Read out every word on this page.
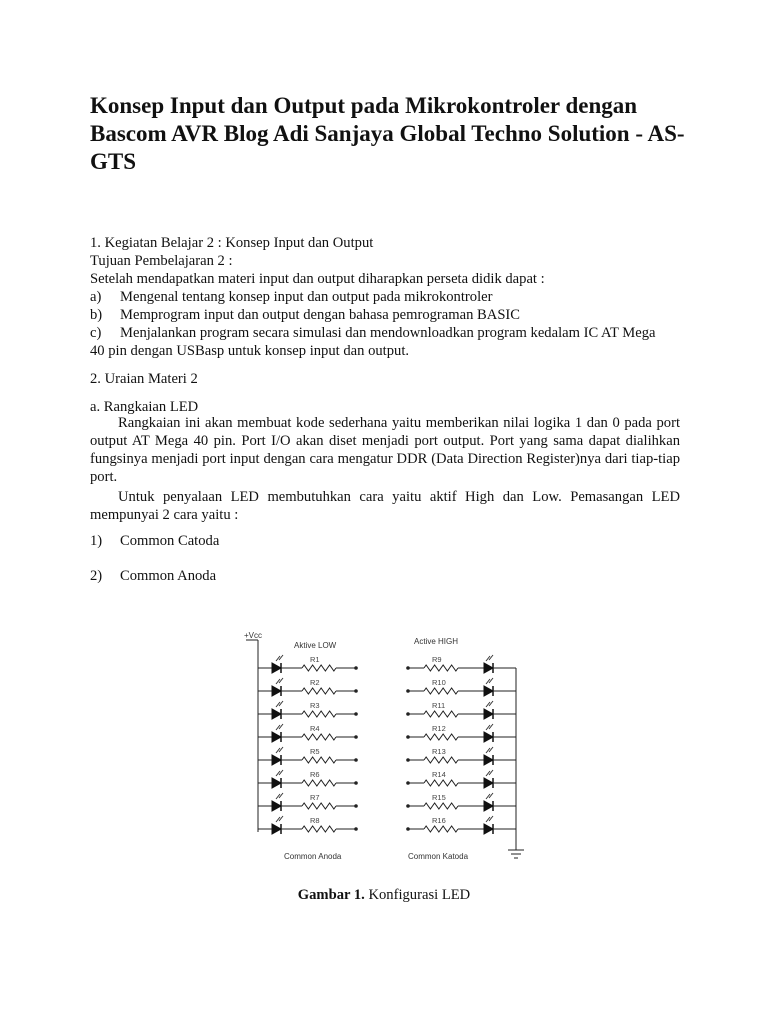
Konsep Input dan Output pada Mikrokontroler dengan Bascom AVR Blog Adi Sanjaya Global Techno Solution - AS-GTS
1. Kegiatan Belajar 2 : Konsep Input dan Output
Tujuan Pembelajaran 2 :
Setelah mendapatkan materi input dan output diharapkan perseta didik dapat :
a) Mengenal tentang konsep input dan output pada mikrokontroler
b) Memprogram input dan output dengan bahasa pemrograman BASIC
c) Menjalankan program secara simulasi dan mendownloadkan program kedalam IC AT Mega
40 pin dengan USBasp untuk konsep input dan output.
2. Uraian Materi 2
a. Rangkaian LED
Rangkaian ini akan membuat kode sederhana yaitu memberikan nilai logika 1 dan 0 pada port output AT Mega 40 pin. Port I/O akan diset menjadi port output. Port yang sama dapat dialihkan fungsinya menjadi port input dengan cara mengatur DDR (Data Direction Register)nya dari tiap-tiap port.
Untuk penyalaan LED membutuhkan cara yaitu aktif High dan Low. Pemasangan LED mempunyai 2 cara yaitu :
1) Common Catoda
2) Common Anoda
+Vcc
Aktive LOW	Active HIGH
R1	R9
R2	R10
R3	R11
R4	R12
R5	R13
R6	R14
R7	R15
R8	R16
Common Anoda	Common Katoda
Gambar 1. Konfigurasi LED
